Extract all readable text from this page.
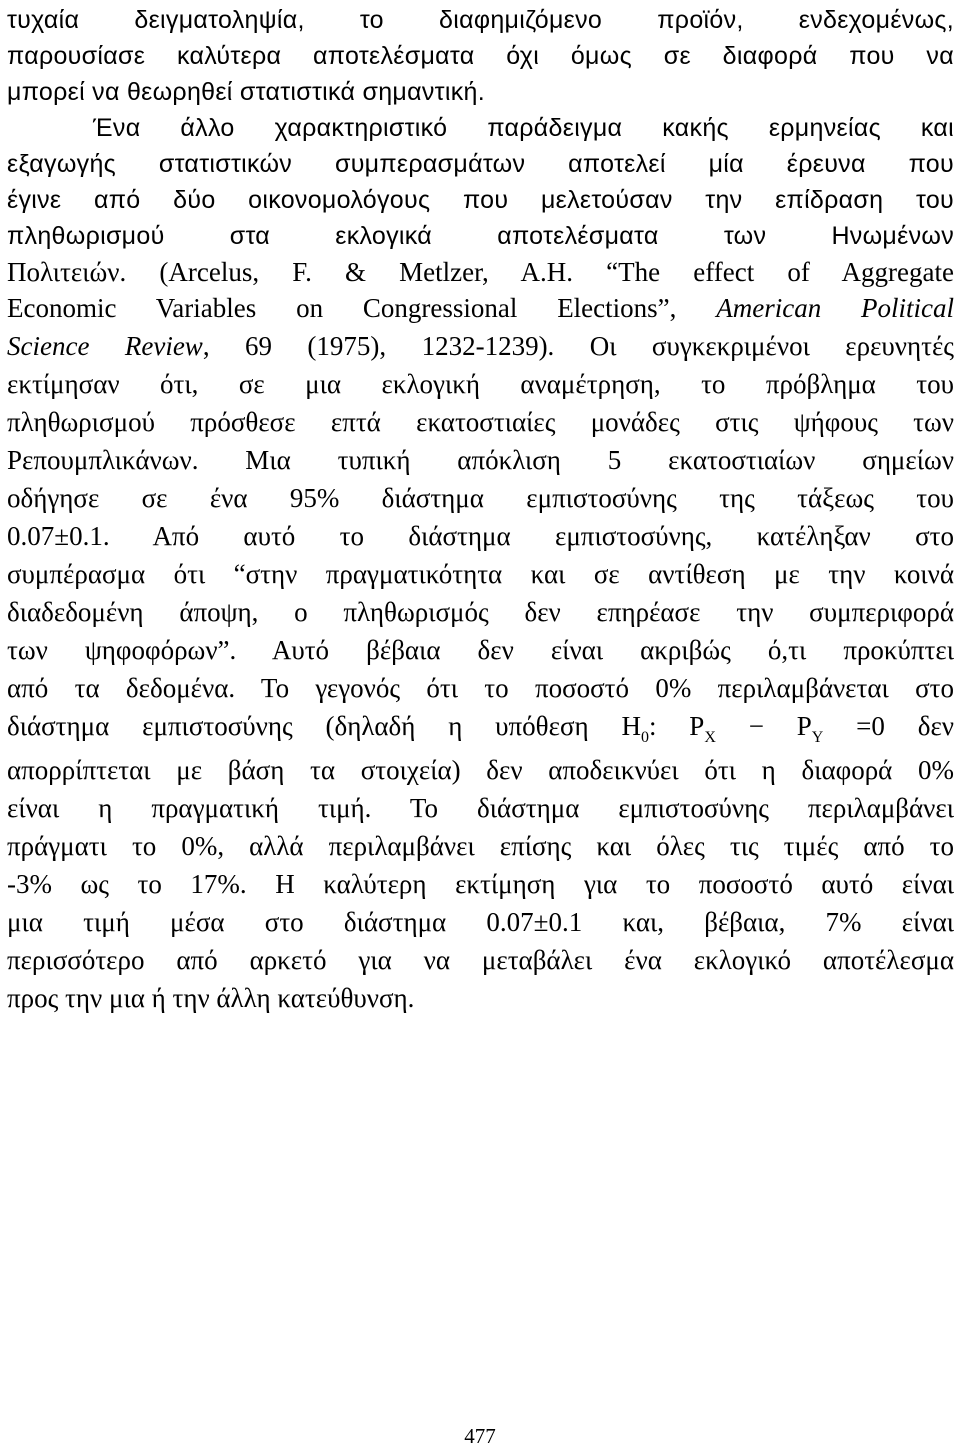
τυχαία δειγματοληψία, το διαφημιζόμενο προϊόν, ενδεχομένως,
παρουσίασε καλύτερα αποτελέσματα όχι όμως σε διαφορά που να
μπορεί να θεωρηθεί στατιστικά σημαντική.
Ένα άλλο χαρακτηριστικό παράδειγμα κακής ερμηνείας και
εξαγωγής στατιστικών συμπερασμάτων αποτελεί μία έρευνα που
έγινε από δύο οικονομολόγους που μελετούσαν την επίδραση του
πληθωρισμού στα εκλογικά αποτελέσματα των Ηνωμένων
Πολιτειών. (Arcelus, F. & Metlzer, A.H. “The effect of Aggregate
Economic Variables on Congressional Elections”, American Political
Science Review, 69 (1975), 1232-1239). Οι συγκεκριμένοι ερευνητές
εκτίμησαν ότι, σε μια εκλογική αναμέτρηση, το πρόβλημα του
πληθωρισμού πρόσθεσε επτά εκατοστιαίες μονάδες στις ψήφους των
Ρεπουμπλικάνων. Μια τυπική απόκλιση 5 εκατοστιαίων σημείων
οδήγησε σε ένα 95% διάστημα εμπιστοσύνης της τάξεως του
0.07±0.1. Από αυτό το διάστημα εμπιστοσύνης, κατέληξαν στο
συμπέρασμα ότι “στην πραγματικότητα και σε αντίθεση με την κοινά
διαδεδομένη άποψη, ο πληθωρισμός δεν επηρέασε την συμπεριφορά
των ψηφοφόρων”. Αυτό βέβαια δεν είναι ακριβώς ό,τι προκύπτει
από τα δεδομένα. Το γεγονός ότι το ποσοστό 0% περιλαμβάνεται στο
διάστημα εμπιστοσύνης (δηλαδή η υπόθεση $H_0$: $P_X - P_Y =0$ δεν
απορρίπτεται με βάση τα στοιχεία) δεν αποδεικνύει ότι η διαφορά 0%
είναι η πραγματική τιμή. Το διάστημα εμπιστοσύνης περιλαμβάνει
πράγματι το 0%, αλλά περιλαμβάνει επίσης και όλες τις τιμές από το
-3% ως το 17%. Η καλύτερη εκτίμηση για το ποσοστό αυτό είναι
μια τιμή μέσα στο διάστημα 0.07±0.1 και, βέβαια, 7% είναι
περισσότερο από αρκετό για να μεταβάλει ένα εκλογικό αποτέλεσμα
προς την μια ή την άλλη κατεύθυνση.
477
